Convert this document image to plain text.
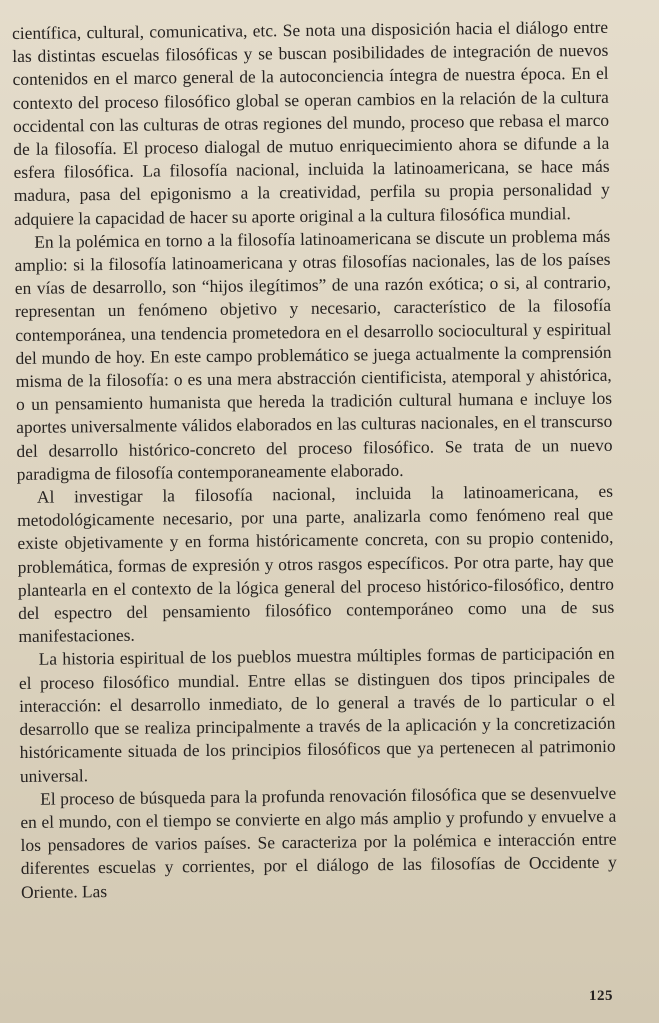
científica, cultural, comunicativa, etc. Se nota una disposición hacia el diálogo entre las distintas escuelas filosóficas y se buscan posibilidades de integración de nuevos contenidos en el marco general de la autoconciencia íntegra de nuestra época. En el contexto del proceso filosófico global se operan cambios en la relación de la cultura occidental con las culturas de otras regiones del mundo, proceso que rebasa el marco de la filosofía. El proceso dialogal de mutuo enriquecimiento ahora se difunde a la esfera filosófica. La filosofía nacional, incluida la latinoamericana, se hace más madura, pasa del epigonismo a la creatividad, perfila su propia personalidad y adquiere la capacidad de hacer su aporte original a la cultura filosófica mundial.

En la polémica en torno a la filosofía latinoamericana se discute un problema más amplio: si la filosofía latinoamericana y otras filosofías nacionales, las de los países en vías de desarrollo, son “hijos ilegítimos” de una razón exótica; o si, al contrario, representan un fenómeno objetivo y necesario, característico de la filosofía contemporánea, una tendencia prometedora en el desarrollo sociocultural y espiritual del mundo de hoy. En este campo problemático se juega actualmente la comprensión misma de la filosofía: o es una mera abstracción cientificista, atemporal y ahistórica, o un pensamiento humanista que hereda la tradición cultural humana e incluye los aportes universalmente válidos elaborados en las culturas nacionales, en el transcurso del desarrollo histórico-concreto del proceso filosófico. Se trata de un nuevo paradigma de filosofía contemporaneamente elaborado.

Al investigar la filosofía nacional, incluida la latinoamericana, es metodológicamente necesario, por una parte, analizarla como fenómeno real que existe objetivamente y en forma históricamente concreta, con su propio contenido, problemática, formas de expresión y otros rasgos específicos. Por otra parte, hay que plantearla en el contexto de la lógica general del proceso histórico-filosófico, dentro del espectro del pensamiento filosófico contemporáneo como una de sus manifestaciones.

La historia espiritual de los pueblos muestra múltiples formas de participación en el proceso filosófico mundial. Entre ellas se distinguen dos tipos principales de interacción: el desarrollo inmediato, de lo general a través de lo particular o el desarrollo que se realiza principalmente a través de la aplicación y la concretización históricamente situada de los principios filosóficos que ya pertenecen al patrimonio universal.

El proceso de búsqueda para la profunda renovación filosófica que se desenvuelve en el mundo, con el tiempo se convierte en algo más amplio y profundo y envuelve a los pensadores de varios países. Se caracteriza por la polémica e interacción entre diferentes escuelas y corrientes, por el diálogo de las filosofías de Occidente y Oriente. Las

125
